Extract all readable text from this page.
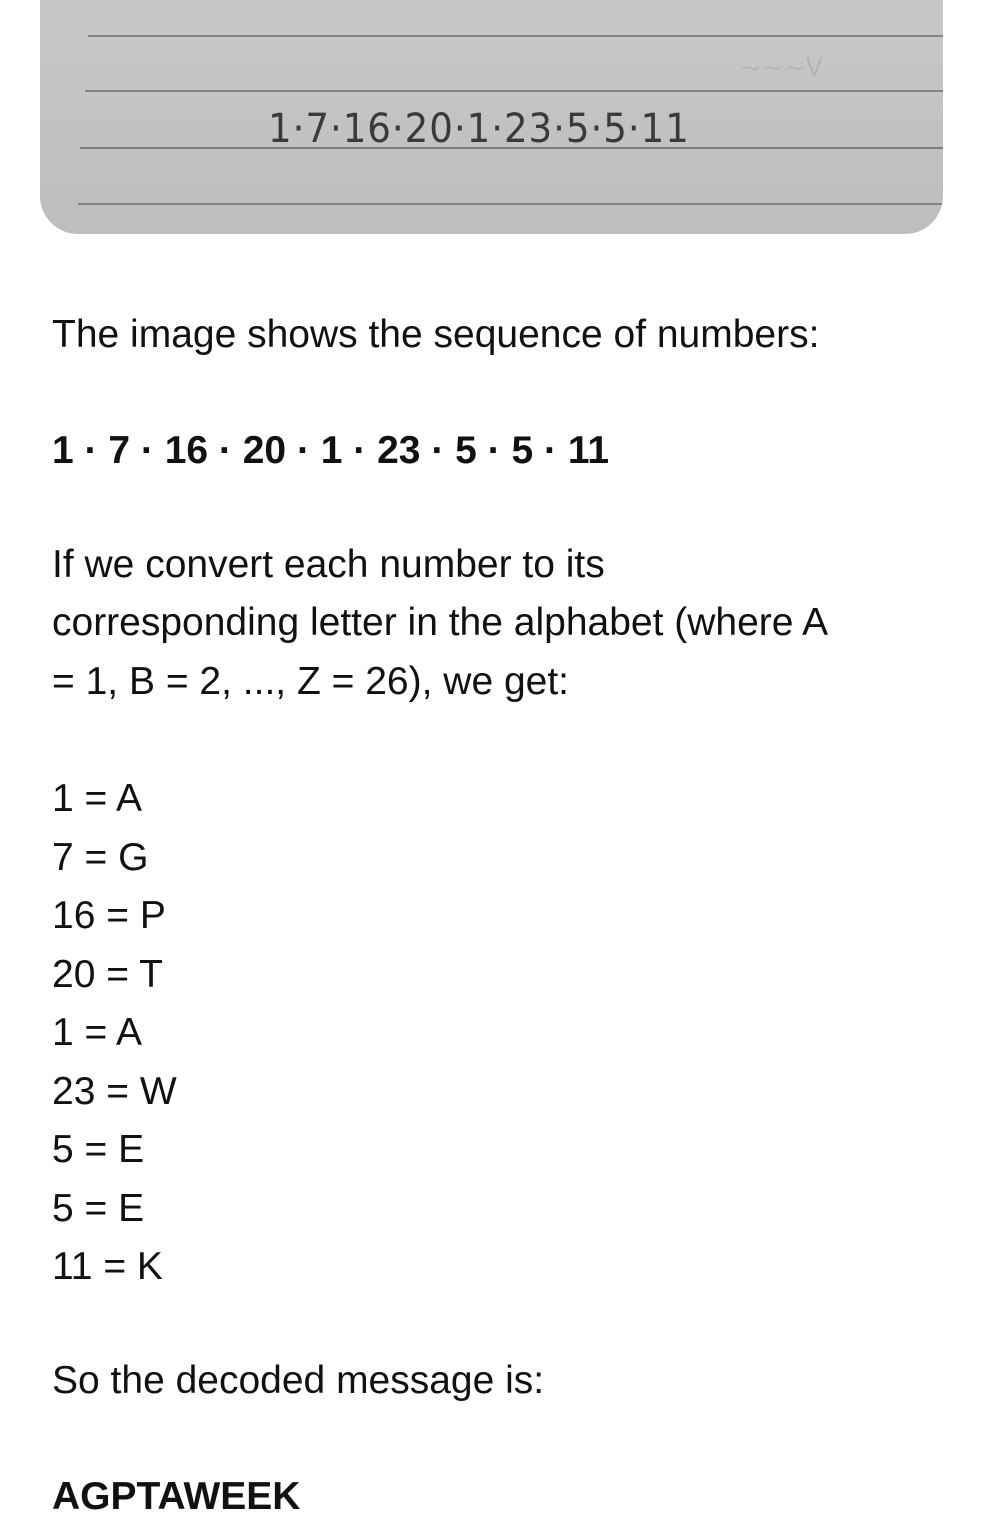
~~~V
1·7·16·20·1·23·5·5·11
The image shows the sequence of numbers:
1 · 7 · 16 · 20 · 1 · 23 · 5 · 5 · 11
If we convert each number to its
corresponding letter in the alphabet (where A
= 1, B = 2, ..., Z = 26), we get:
1 = A
7 = G
16 = P
20 = T
1 = A
23 = W
5 = E
5 = E
11 = K
So the decoded message is:
AGPTAWEEK
